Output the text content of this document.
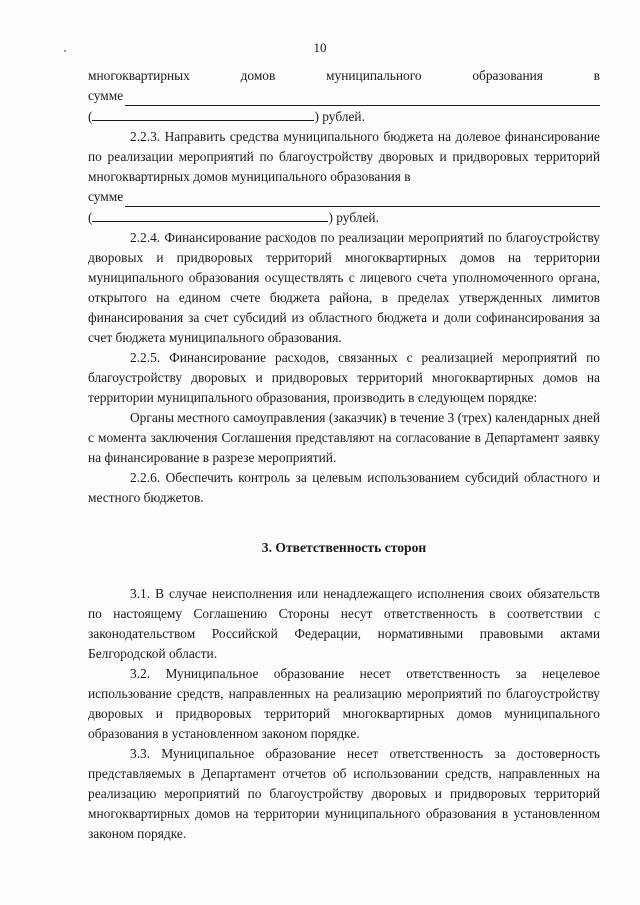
10
многоквартирных	домов	муниципального	образования	в
сумме
(	) рублей.

2.2.3. Направить средства муниципального бюджета на долевое финансирование по реализации мероприятий по благоустройству дворовых и придворовых территорий многоквартирных домов муниципального образования в

сумме
(	) рублей.

2.2.4. Финансирование расходов по реализации мероприятий по благоустройству дворовых и придворовых территорий многоквартирных домов на территории муниципального образования осуществлять с лицевого счета уполномоченного органа, открытого на едином счете бюджета района, в пределах утвержденных лимитов финансирования за счет субсидий из областного бюджета и доли софинансирования за счет бюджета муниципального образования.

2.2.5. Финансирование расходов, связанных с реализацией мероприятий по благоустройству дворовых и придворовых территорий многоквартирных домов на территории муниципального образования, производить в следующем порядке:

Органы местного самоуправления (заказчик) в течение 3 (трех) календарных дней с момента заключения Соглашения представляют на согласование в Департамент заявку на финансирование в разрезе мероприятий.

2.2.6. Обеспечить контроль за целевым использованием субсидий областного и местного бюджетов.

3. Ответственность сторон

3.1. В случае неисполнения или ненадлежащего исполнения своих обязательств по настоящему Соглашению Стороны несут ответственность в соответствии с законодательством Российской Федерации, нормативными правовыми актами Белгородской области.

3.2. Муниципальное образование несет ответственность за нецелевое использование средств, направленных на реализацию мероприятий по благоустройству дворовых и придворовых территорий многоквартирных домов муниципального образования в установленном законом порядке.

3.3. Муниципальное образование несет ответственность за достоверность представляемых в Департамент отчетов об использовании средств, направленных на реализацию мероприятий по благоустройству дворовых и придворовых территорий многоквартирных домов на территории муниципального образования в установленном законом порядке.
